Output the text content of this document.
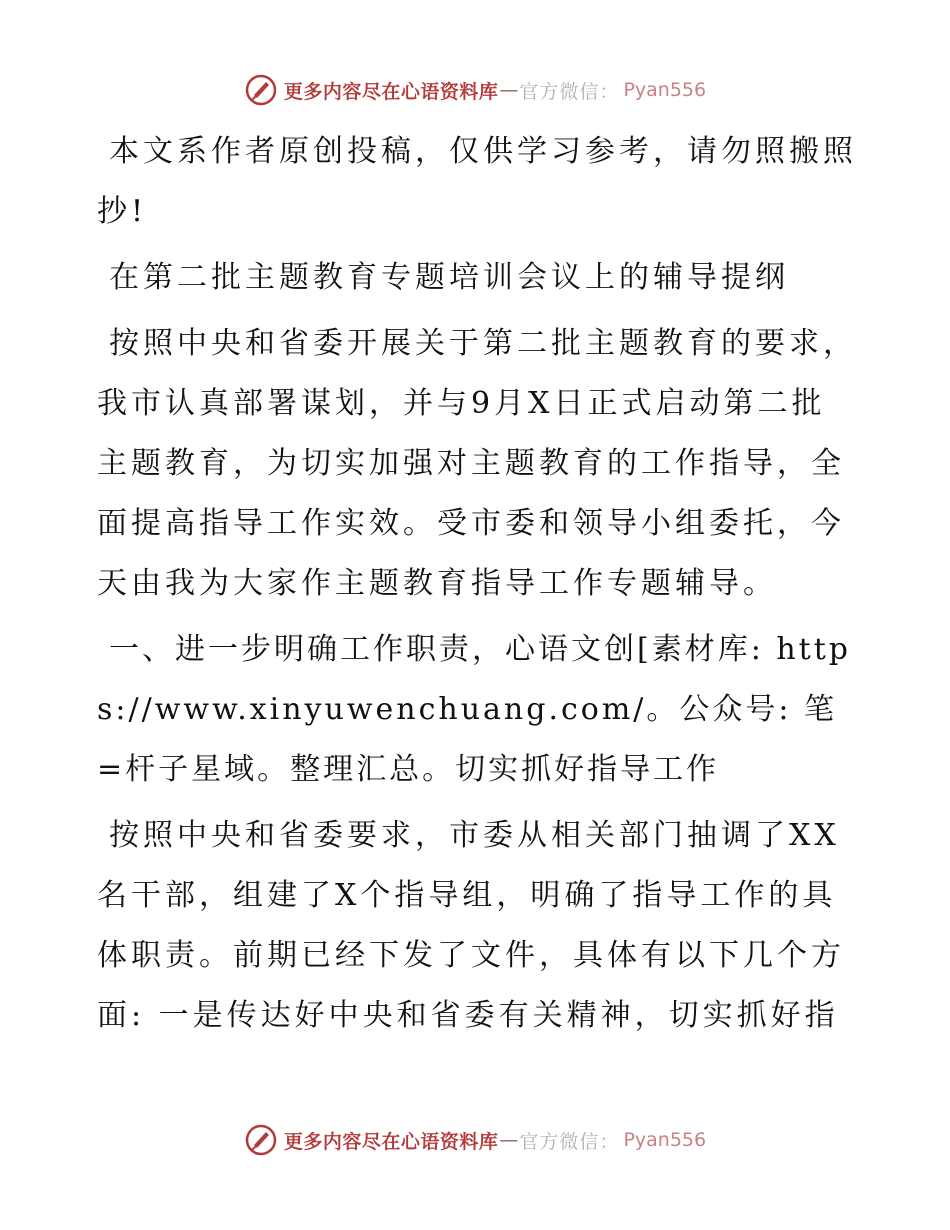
更多内容尽在心语资料库 — 官方微信： Pyan556

本文系作者原创投稿，仅供学习参考，请勿照搬照抄!

在第二批主题教育专题培训会议上的辅导提纲

按照中央和省委开展关于第二批主题教育的要求，我市认真部署谋划，并与9月X日正式启动第二批主题教育，为切实加强对主题教育的工作指导，全面提高指导工作实效。受市委和领导小组委托，今天由我为大家作主题教育指导工作专题辅导。

一、进一步明确工作职责，心语文创[素材库: https://www.xinyuwenchuang.com/。公众号: 笔=杆子星域。整理汇总。切实抓好指导工作

按照中央和省委要求，市委从相关部门抽调了XX名干部，组建了X个指导组，明确了指导工作的具体职责。前期已经下发了文件，具体有以下几个方面: 一是传达好中央和省委有关精神，切实抓好指

更多内容尽在心语资料库 — 官方微信： Pyan556
